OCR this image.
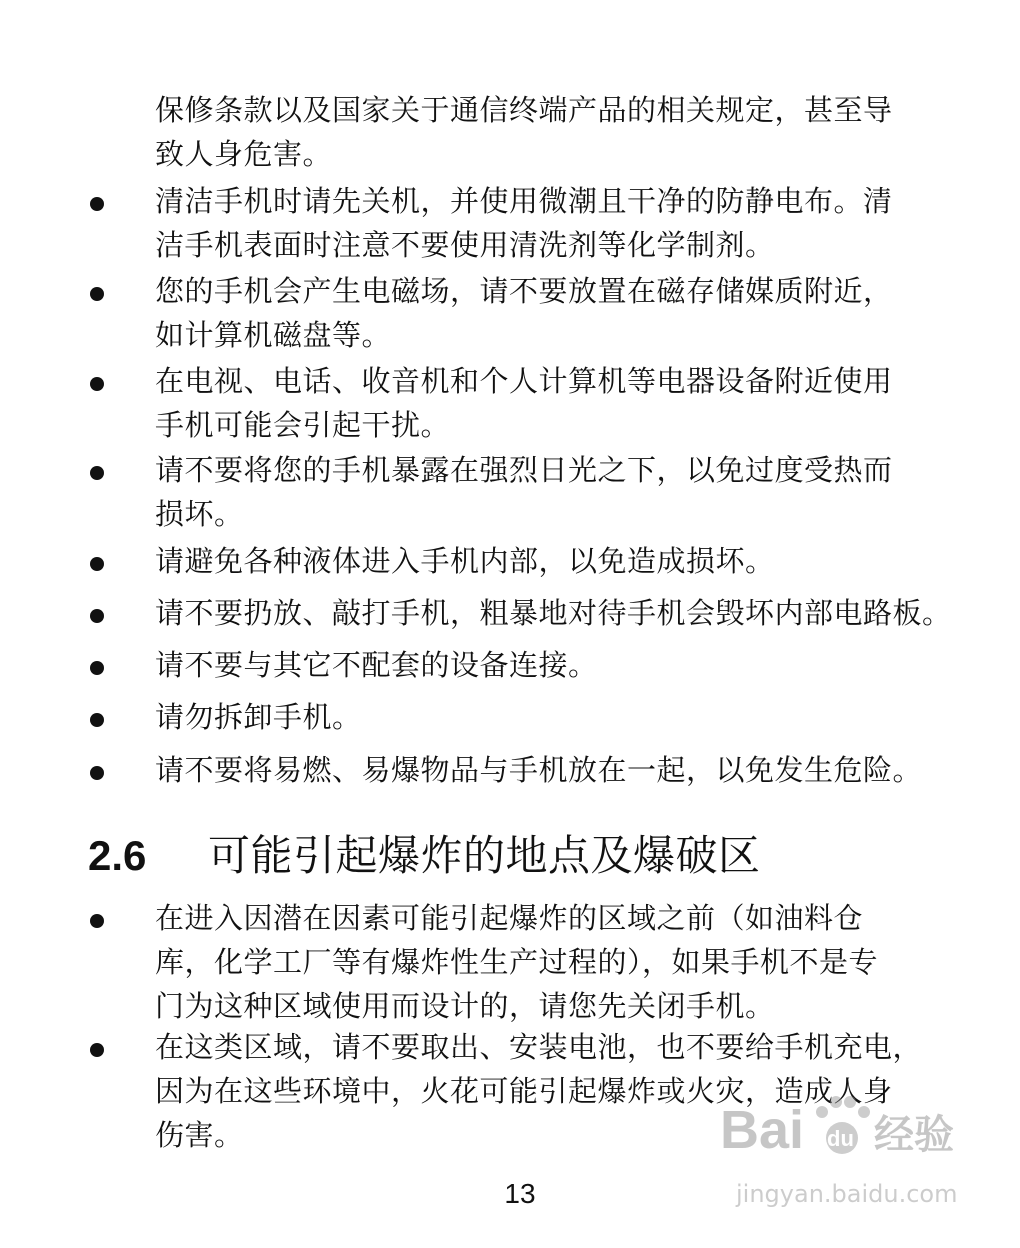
保修条款以及国家关于通信终端产品的相关规定，甚至导
致人身危害。
清洁手机时请先关机，并使用微潮且干净的防静电布。清
洁手机表面时注意不要使用清洗剂等化学制剂。
您的手机会产生电磁场，请不要放置在磁存储媒质附近，
如计算机磁盘等。
在电视、电话、收音机和个人计算机等电器设备附近使用
手机可能会引起干扰。
请不要将您的手机暴露在强烈日光之下，以免过度受热而
损坏。
请避免各种液体进入手机内部，以免造成损坏。
请不要扔放、敲打手机，粗暴地对待手机会毁坏内部电路板。
请不要与其它不配套的设备连接。
请勿拆卸手机。
请不要将易燃、易爆物品与手机放在一起，以免发生危险。
2.6 可能引起爆炸的地点及爆破区
在进入因潜在因素可能引起爆炸的区域之前（如油料仓
库，化学工厂等有爆炸性生产过程的），如果手机不是专
门为这种区域使用而设计的，请您先关闭手机。
在这类区域，请不要取出、安装电池，也不要给手机充电，
因为在这些环境中，火花可能引起爆炸或火灾，造成人身
伤害。
13
Bai du 经验
jingyan.baidu.com
